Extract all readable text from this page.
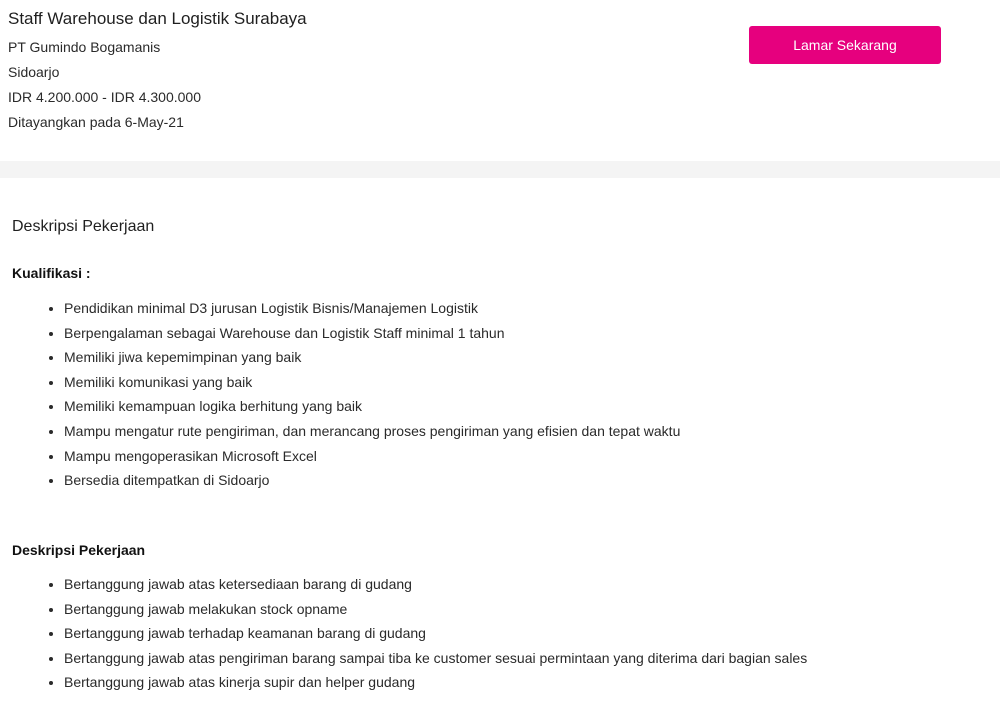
Staff Warehouse dan Logistik Surabaya
PT Gumindo Bogamanis
Sidoarjo
IDR 4.200.000 - IDR 4.300.000
Ditayangkan pada 6-May-21
Lamar Sekarang
Deskripsi Pekerjaan
Kualifikasi :
• Pendidikan minimal D3 jurusan Logistik Bisnis/Manajemen Logistik
• Berpengalaman sebagai Warehouse dan Logistik Staff minimal 1 tahun
• Memiliki jiwa kepemimpinan yang baik
• Memiliki komunikasi yang baik
• Memiliki kemampuan logika berhitung yang baik
• Mampu mengatur rute pengiriman, dan merancang proses pengiriman yang efisien dan tepat waktu
• Mampu mengoperasikan Microsoft Excel
• Bersedia ditempatkan di Sidoarjo
Deskripsi Pekerjaan
• Bertanggung jawab atas ketersediaan barang di gudang
• Bertanggung jawab melakukan stock opname
• Bertanggung jawab terhadap keamanan barang di gudang
• Bertanggung jawab atas pengiriman barang sampai tiba ke customer sesuai permintaan yang diterima dari bagian sales
• Bertanggung jawab atas kinerja supir dan helper gudang
